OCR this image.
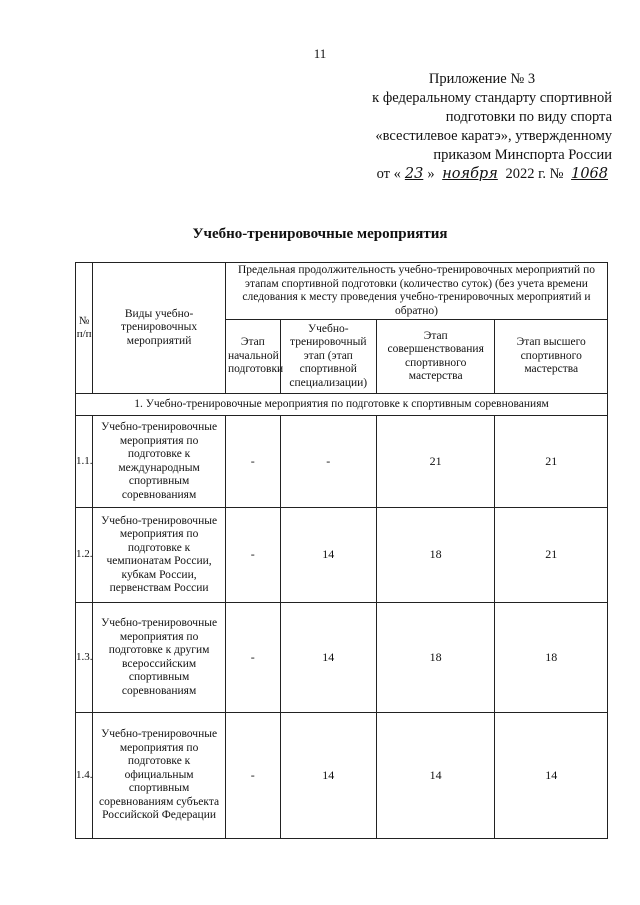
11
Приложение № 3
к федеральному стандарту спортивной
подготовки по виду спорта
«всестилевое каратэ», утвержденному
приказом Минспорта России
от « 23 » ноября 2022 г. № 1068
Учебно-тренировочные мероприятия
№ п/п	Виды учебно-тренировочных мероприятий	Предельная продолжительность учебно-тренировочных мероприятий по этапам спортивной подготовки (количество суток) (без учета времени следования к месту проведения учебно-тренировочных мероприятий и обратно)			
		Этап начальной подготовки	Учебно-тренировочный этап (этап спортивной специализации)	Этап совершенствования спортивного мастерства	Этап высшего спортивного мастерства
1. Учебно-тренировочные мероприятия по подготовке к спортивным соревнованиям					
1.1.	Учебно-тренировочные мероприятия по подготовке к международным спортивным соревнованиям	-	-	21	21
1.2.	Учебно-тренировочные мероприятия по подготовке к чемпионатам России, кубкам России, первенствам России	-	14	18	21
1.3.	Учебно-тренировочные мероприятия по подготовке к другим всероссийским спортивным соревнованиям	-	14	18	18
1.4.	Учебно-тренировочные мероприятия по подготовке к официальным спортивным соревнованиям субъекта Российской Федерации	-	14	14	14
